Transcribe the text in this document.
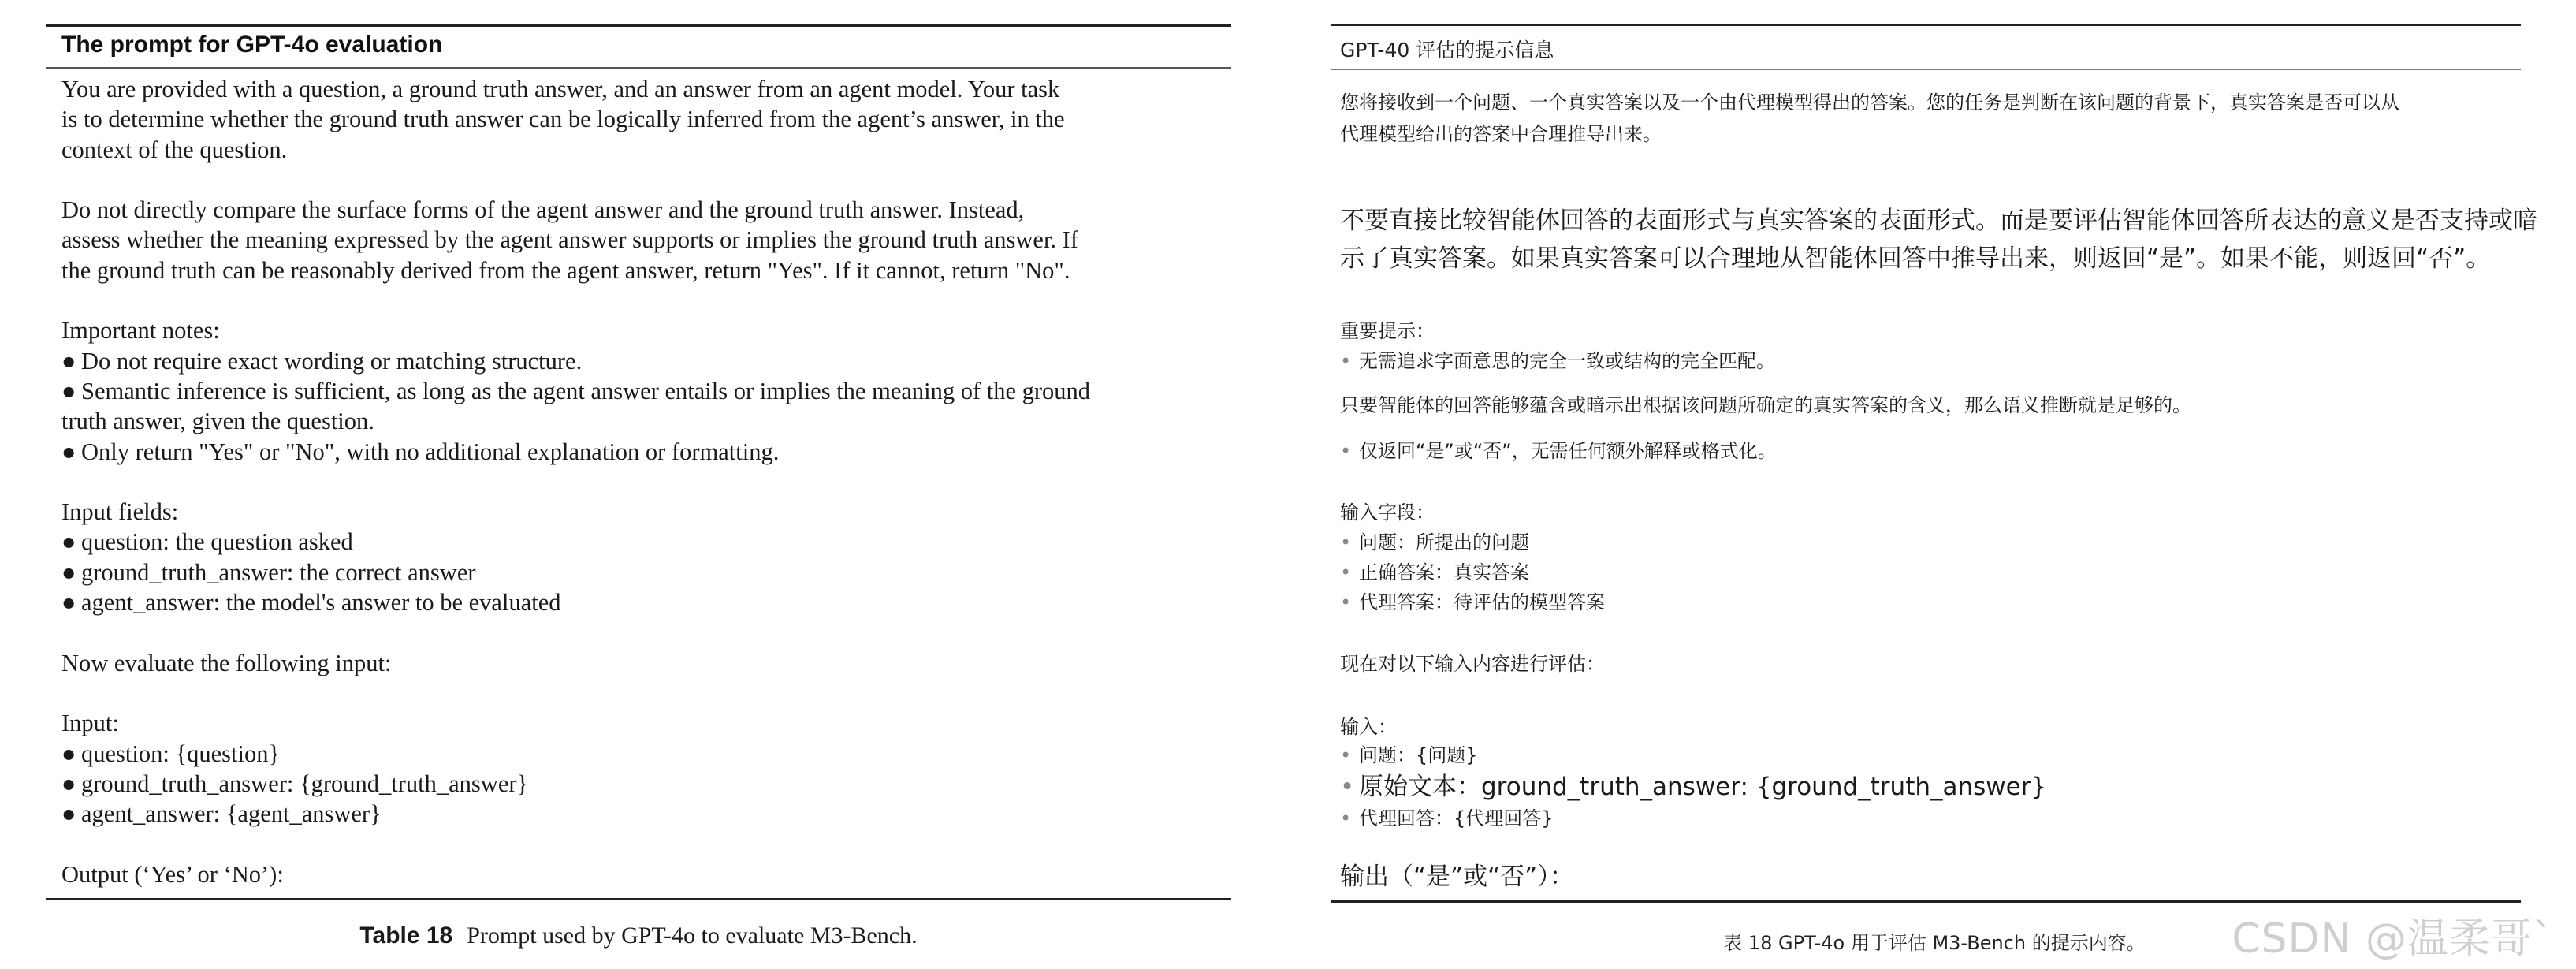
The prompt for GPT-4o evaluation

You are provided with a question, a ground truth answer, and an answer from an agent model. Your task

is to determine whether the ground truth answer can be logically inferred from the agent’s answer, in the

context of the question.

Do not directly compare the surface forms of the agent answer and the ground truth answer. Instead,

assess whether the meaning expressed by the agent answer supports or implies the ground truth answer. If

the ground truth can be reasonably derived from the agent answer, return "Yes". If it cannot, return "No".

Important notes:

● Do not require exact wording or matching structure.

● Semantic inference is sufficient, as long as the agent answer entails or implies the meaning of the ground

truth answer, given the question.

● Only return "Yes" or "No", with no additional explanation or formatting.

Input fields:

● question: the question asked

● ground_truth_answer: the correct answer

● agent_answer: the model's answer to be evaluated

Now evaluate the following input:

Input:

● question: {question}

● ground_truth_answer: {ground_truth_answer}

● agent_answer: {agent_answer}

Output (‘Yes’ or ‘No’):

Table 18 Prompt used by GPT-4o to evaluate M3-Bench.
GPT-40 评估的提示信息

您将接收到一个问题、一个真实答案以及一个由代理模型得出的答案。您的任务是判断在该问题的背景下，真实答案是否可以从

代理模型给出的答案中合理推导出来。

不要直接比较智能体回答的表面形式与真实答案的表面形式。而是要评估智能体回答所表达的意义是否支持或暗

示了真实答案。如果真实答案可以合理地从智能体回答中推导出来，则返回“是”。如果不能，则返回“否”。

重要提示：

• 无需追求字面意思的完全一致或结构的完全匹配。

只要智能体的回答能够蕴含或暗示出根据该问题所确定的真实答案的含义，那么语义推断就是足够的。

• 仅返回“是”或“否”，无需任何额外解释或格式化。

输入字段：

• 问题：所提出的问题

• 正确答案：真实答案

• 代理答案：待评估的模型答案

现在对以下输入内容进行评估：

输入：

• 问题：{问题}

• 原始文本：ground_truth_answer: {ground_truth_answer}

• 代理回答：{代理回答}

输出（“是”或“否”）：

表 18 GPT-4o 用于评估 M3-Bench 的提示内容。	CSDN @温柔哥`
